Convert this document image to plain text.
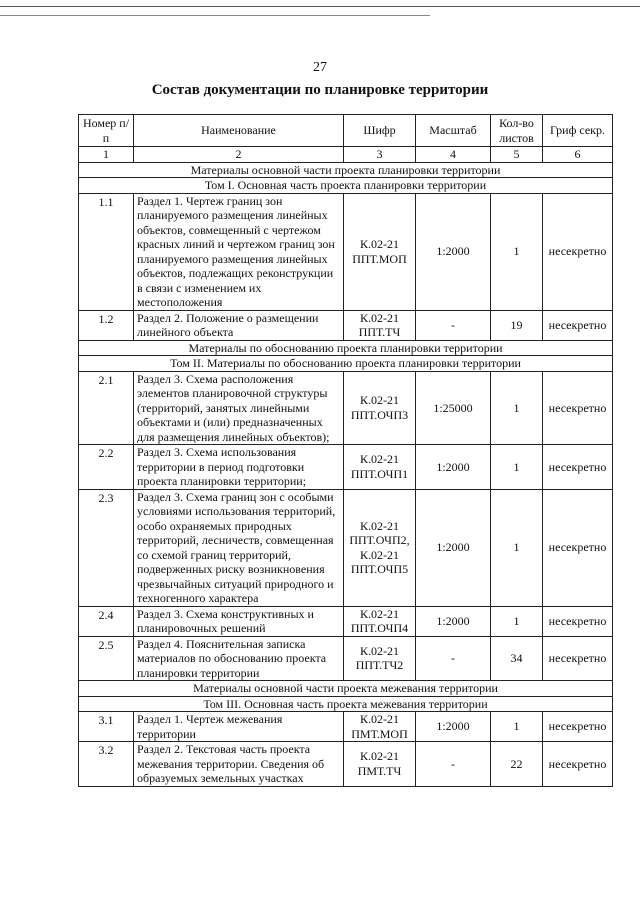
27
Состав документации по планировке территории
Номер п/п	Наименование	Шифр	Масштаб	Кол-во листов	Гриф секр.
1	2	3	4	5	6
Материалы основной части проекта планировки территории					
Том I. Основная часть проекта планировки территории					
1.1	Раздел 1. Чертеж границ зон планируемого размещения линейных объектов, совмещенный с чертежом красных линий и чертежом границ зон планируемого размещения линейных объектов, подлежащих реконструкции в связи с изменением их местоположения	К.02-21 ППТ.МОП	1:2000	1	несекретно
1.2	Раздел 2. Положение о размещении линейного объекта	К.02-21 ППТ.ТЧ	-	19	несекретно
Материалы по обоснованию проекта планировки территории					
Том II. Материалы по обоснованию проекта планировки территории					
2.1	Раздел 3. Схема расположения элементов планировочной структуры (территорий, занятых линейными объектами и (или) предназначенных для размещения линейных объектов);	К.02-21 ППТ.ОЧП3	1:25000	1	несекретно
2.2	Раздел 3. Схема использования территории в период подготовки проекта планировки территории;	К.02-21 ППТ.ОЧП1	1:2000	1	несекретно
2.3	Раздел 3. Схема границ зон с особыми условиями использования территорий, особо охраняемых природных территорий, лесничеств, совмещенная со схемой границ территорий, подверженных риску возникновения чрезвычайных ситуаций природного и техногенного характера	К.02-21 ППТ.ОЧП2, К.02-21 ППТ.ОЧП5	1:2000	1	несекретно
2.4	Раздел 3. Схема конструктивных и планировочных решений	К.02-21 ППТ.ОЧП4	1:2000	1	несекретно
2.5	Раздел 4. Пояснительная записка материалов по обоснованию проекта планировки территории	К.02-21 ППТ.ТЧ2	-	34	несекретно
Материалы основной части проекта межевания территории					
Том III. Основная часть проекта межевания территории					
3.1	Раздел 1. Чертеж межевания территории	К.02-21 ПМТ.МОП	1:2000	1	несекретно
3.2	Раздел 2. Текстовая часть проекта межевания территории. Сведения об образуемых земельных участках	К.02-21 ПМТ.ТЧ	-	22	несекретно
